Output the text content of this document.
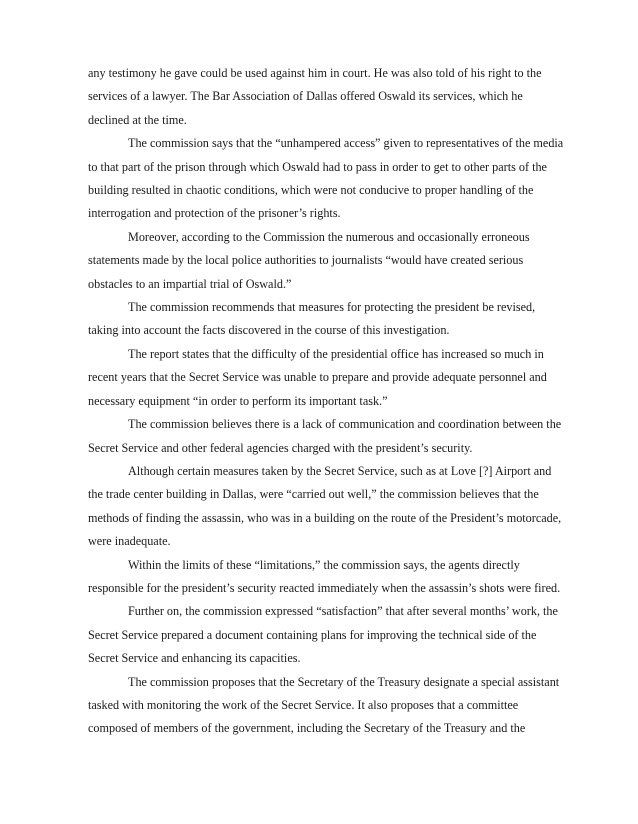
any testimony he gave could be used against him in court. He was also told of his right to the services of a lawyer. The Bar Association of Dallas offered Oswald its services, which he declined at the time.

The commission says that the “unhampered access” given to representatives of the media to that part of the prison through which Oswald had to pass in order to get to other parts of the building resulted in chaotic conditions, which were not conducive to proper handling of the interrogation and protection of the prisoner’s rights.

Moreover, according to the Commission the numerous and occasionally erroneous statements made by the local police authorities to journalists “would have created serious obstacles to an impartial trial of Oswald.”

The commission recommends that measures for protecting the president be revised, taking into account the facts discovered in the course of this investigation.

The report states that the difficulty of the presidential office has increased so much in recent years that the Secret Service was unable to prepare and provide adequate personnel and necessary equipment “in order to perform its important task.”

The commission believes there is a lack of communication and coordination between the Secret Service and other federal agencies charged with the president’s security.

Although certain measures taken by the Secret Service, such as at Love [?] Airport and the trade center building in Dallas, were “carried out well,” the commission believes that the methods of finding the assassin, who was in a building on the route of the President’s motorcade, were inadequate.

Within the limits of these “limitations,” the commission says, the agents directly responsible for the president’s security reacted immediately when the assassin’s shots were fired.

Further on, the commission expressed “satisfaction” that after several months’ work, the Secret Service prepared a document containing plans for improving the technical side of the Secret Service and enhancing its capacities.

The commission proposes that the Secretary of the Treasury designate a special assistant tasked with monitoring the work of the Secret Service. It also proposes that a committee composed of members of the government, including the Secretary of the Treasury and the
